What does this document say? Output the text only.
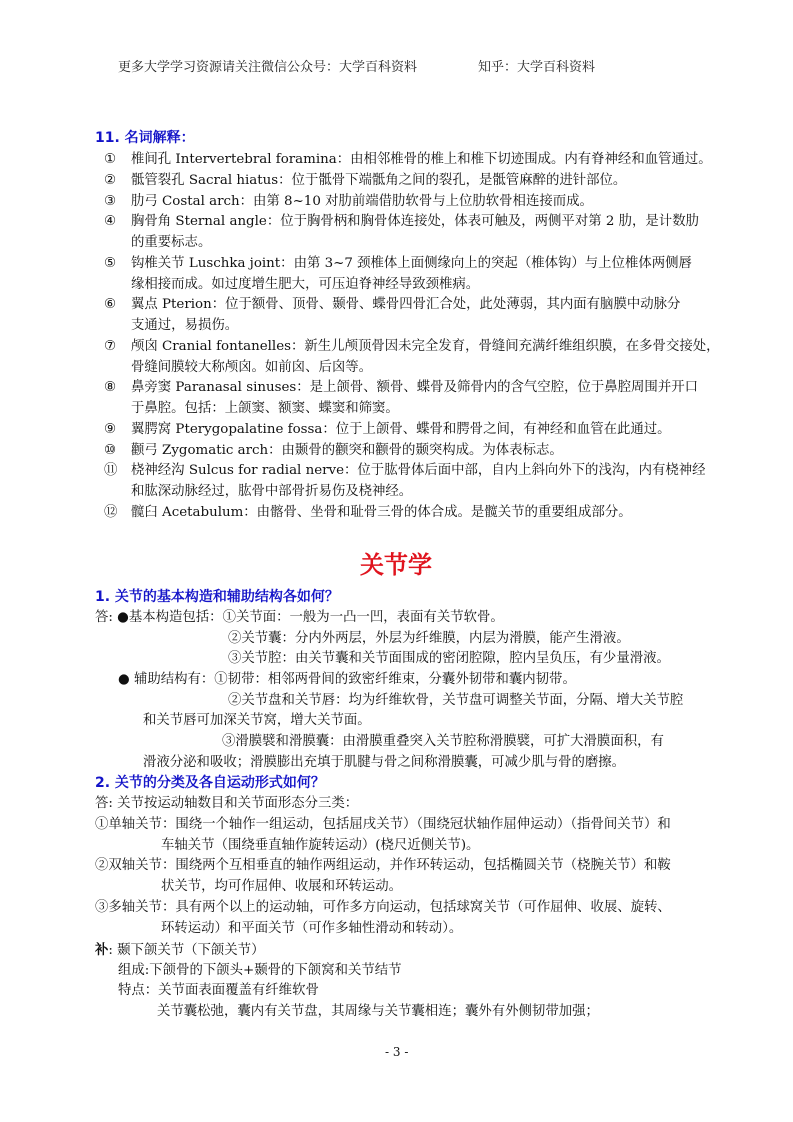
更多大学学习资源请关注微信公众号：大学百科资料	知乎：大学百科资料
11. 名词解释：
① 椎间孔 Intervertebral foramina：由相邻椎骨的椎上和椎下切迹围成。内有脊神经和血管通过。
② 骶管裂孔 Sacral hiatus：位于骶骨下端骶角之间的裂孔，是骶管麻醉的进针部位。
③ 肋弓 Costal arch：由第 8~10 对肋前端借肋软骨与上位肋软骨相连接而成。
④ 胸骨角 Sternal angle：位于胸骨柄和胸骨体连接处，体表可触及，两侧平对第 2 肋，是计数肋
的重要标志。
⑤ 钩椎关节 Luschka joint：由第 3~7 颈椎体上面侧缘向上的突起（椎体钩）与上位椎体两侧唇
缘相接而成。如过度增生肥大，可压迫脊神经导致颈椎病。
⑥ 翼点 Pterion：位于额骨、顶骨、颞骨、蝶骨四骨汇合处，此处薄弱，其内面有脑膜中动脉分
支通过，易损伤。
⑦ 颅囟 Cranial fontanelles：新生儿颅顶骨因未完全发育，骨缝间充满纤维组织膜，在多骨交接处，
骨缝间膜较大称颅囟。如前囟、后囟等。
⑧ 鼻旁窦 Paranasal sinuses：是上颌骨、额骨、蝶骨及筛骨内的含气空腔，位于鼻腔周围并开口
于鼻腔。包括：上颌窦、额窦、蝶窦和筛窦。
⑨ 翼腭窝 Pterygopalatine fossa：位于上颌骨、蝶骨和腭骨之间，有神经和血管在此通过。
⑩ 颧弓 Zygomatic arch：由颞骨的颧突和颧骨的颞突构成。为体表标志。
⑪ 桡神经沟 Sulcus for radial nerve：位于肱骨体后面中部，自内上斜向外下的浅沟，内有桡神经
和肱深动脉经过，肱骨中部骨折易伤及桡神经。
⑫ 髋臼 Acetabulum：由髂骨、坐骨和耻骨三骨的体合成。是髋关节的重要组成部分。
关节学
1. 关节的基本构造和辅助结构各如何？
答: ●基本构造包括：①关节面：一般为一凸一凹，表面有关节软骨。
②关节囊：分内外两层，外层为纤维膜，内层为滑膜，能产生滑液。
③关节腔：由关节囊和关节面围成的密闭腔隙，腔内呈负压，有少量滑液。
● 辅助结构有：①韧带：相邻两骨间的致密纤维束，分囊外韧带和囊内韧带。
②关节盘和关节唇：均为纤维软骨，关节盘可调整关节面，分隔、增大关节腔
和关节唇可加深关节窝，增大关节面。
③滑膜襞和滑膜囊：由滑膜重叠突入关节腔称滑膜襞，可扩大滑膜面积，有
滑液分泌和吸收；滑膜膨出充填于肌腱与骨之间称滑膜囊，可减少肌与骨的磨擦。
2. 关节的分类及各自运动形式如何？
答: 关节按运动轴数目和关节面形态分三类：
①单轴关节：围绕一个轴作一组运动，包括屈戌关节）（围绕冠状轴作屈伸运动）（指骨间关节）和
车轴关节（围绕垂直轴作旋转运动）(桡尺近侧关节)。
②双轴关节：围绕两个互相垂直的轴作两组运动，并作环转运动，包括椭圆关节（桡腕关节）和鞍
状关节，均可作屈伸、收展和环转运动。
③多轴关节：具有两个以上的运动轴，可作多方向运动，包括球窝关节（可作屈伸、收展、旋转、
环转运动）和平面关节（可作多轴性滑动和转动）。
补: 颞下颌关节（下颌关节）
组成:下颌骨的下颌头+颞骨的下颌窝和关节结节
特点：关节面表面覆盖有纤维软骨
关节囊松弛，囊内有关节盘，其周缘与关节囊相连；囊外有外侧韧带加强；
- 3 -
